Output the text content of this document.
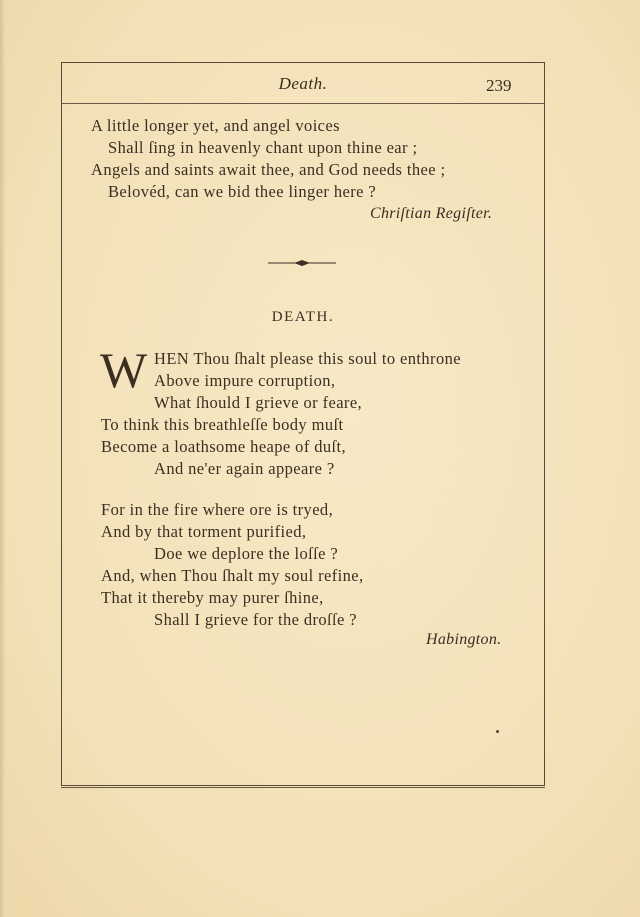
Death.	239
A little longer yet, and angel voices
Shall ſing in heavenly chant upon thine ear ;
Angels and saints await thee, and God needs thee ;
Belovéd, can we bid thee linger here ?
Chriſtian Regiſter.
DEATH.
W HEN Thou ſhalt please this soul to enthrone
Above impure corruption,
What ſhould I grieve or feare,
To think this breathleſſe body muſt
Become a loathsome heape of duſt,
And ne'er again appeare ?
For in the fire where ore is tryed,
And by that torment purified,
Doe we deplore the loſſe ?
And, when Thou ſhalt my soul refine,
That it thereby may purer ſhine,
Shall I grieve for the droſſe ?
Habington.
